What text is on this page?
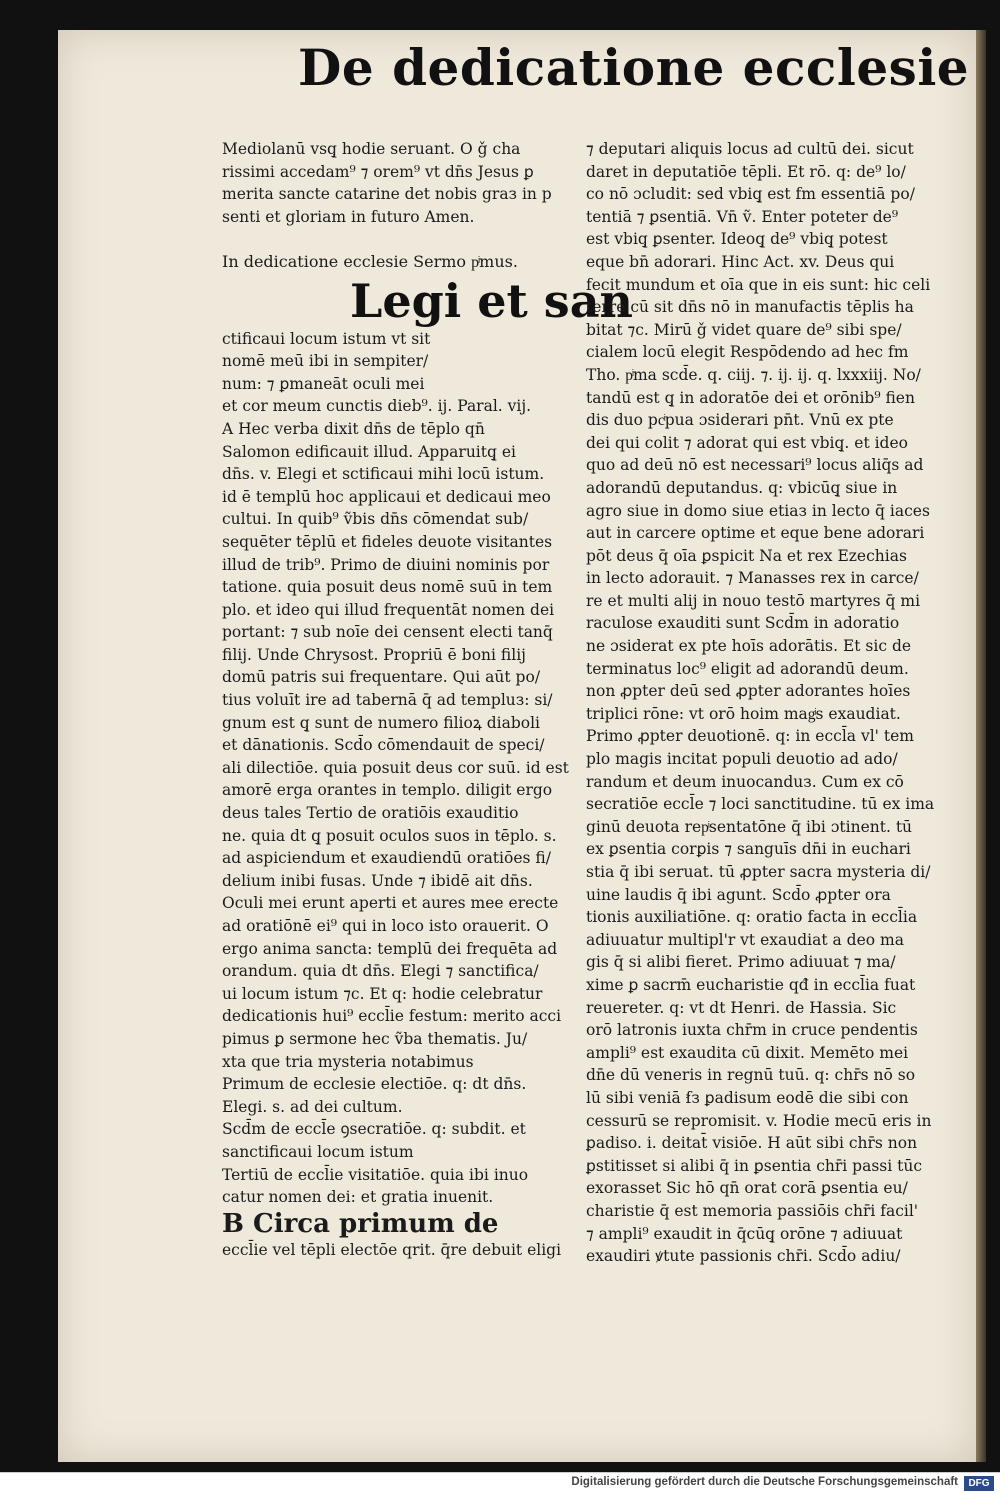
De dedicatione ecclesie

Mediolanū vsq̧ hodie seruant. O ǧ cha

rissimi accedam⁹ ⁊ orem⁹ vt dn̄s Jesus ꝑ

merita sancte catarine det nobis graз in p

senti et gloriam in futuro Amen.

In dedicatione ecclesie Sermo pͥmus.

Legi et san

ctificaui locum istum vt sit

nomē meū ibi in sempiter/

num: ⁊ ꝑmaneāt oculi mei

et cor meum cunctis dieb⁹. ij. Paral. vij.

A Hec verba dixit dn̄s de tēplo qn̄

Salomon edificauit illud. Apparuitq̧ ei

dn̄s. v. Elegi et sctificaui mihi locū istum.

id ē templū hoc applicaui et dedicaui meo

cultui. In quib⁹ ṽbis dn̄s cōmendat sub/

sequēter tēplū et fideles deuote visitantes

illud de trib⁹. Primo de diuini nominis por

tatione. quia posuit deus nomē suū in tem

plo. et ideo qui illud frequentāt nomen dei

portant: ⁊ sub noīe dei censent electi tanq̄

filij. Unde Chrysost. Propriū ē boni filij

domū patris sui frequentare. Qui aūt po/

tius voluīt ire ad tabernā q̄ ad templuз: si/

gnum est q̧ sunt de numero filioꝝ diaboli

et dānationis. Scd̄o cōmendauit de speci/

ali dilectiōe. quia posuit deus cor suū. id est

amorē erga orantes in templo. diligit ergo

deus tales Tertio de oratiōis exauditio

ne. quia dt q̧ posuit oculos suos in tēplo. s.

ad aspiciendum et exaudiendū oratiōes fi/

delium inibi fusas. Unde ⁊ ibidē ait dn̄s.

Oculi mei erunt aperti et aures mee erecte

ad oratiōnē ei⁹ qui in loco isto orauerit. O

ergo anima sancta: templū dei frequēta ad

orandum. quia dt dn̄s. Elegi ⁊ sanctifica/

ui locum istum ⁊c. Et q: hodie celebratur

dedicationis hui⁹ eccl̄ie festum: merito acci

pimus ꝑ sermone hec ṽba thematis. Ju/

xta que tria mysteria notabimus

Primum de ecclesie electiōe. q: dt dn̄s.

Elegi. s. ad dei cultum.

Scd̄m de eccl̄e ꝯsecratiōe. q: subdit. et

sanctificaui locum istum

Tertiū de eccl̄ie visitatiōe. quia ibi inuo

catur nomen dei: et gratia inuenit.

B Circa primum de

eccl̄ie vel tēpli electōe qrit. q̄re debuit eligi

⁊ deputari aliquis locus ad cultū dei. sicut

daret in deputatiōe tēpli. Et rō. q: de⁹ lo/

co nō ɔcludit: sed vbiq̧ est fm essentiā po/

tentiā ⁊ ꝑsentiā. Vn̄ ṽ. Enter poteter de⁹

est vbiq̧ ꝑsenter. Ideoq̧ de⁹ vbiq̧ potest

eque bn̄ adorari. Hinc Act. xv. Deus qui

fecit mundum et oīa que in eis sunt: hic celi

terre cū sit dn̄s nō in manufactis tēplis ha

bitat ⁊c. Mirū ǧ videt quare de⁹ sibi spe/

cialem locū elegit Respōdendo ad hec fm

Tho. pͥma scd̄e. q. ciij. ⁊. ij. ij. q. lxxxiij. No/

tandū est q̧ in adoratōe dei et orōnib⁹ fien

dis duo pcͥpua ɔsiderari pn̄t. Vnū ex pte

dei qui colit ⁊ adorat qui est vbiq̧. et ideo

quo ad deū nō est necessari⁹ locus aliq̄s ad

adorandū deputandus. q: vbicūq̧ siue in

agro siue in domo siue etiaз in lecto q̄ iaces

aut in carcere optime et eque bene adorari

pōt deus q̄ oīa ꝑspicit Na et rex Ezechias

in lecto adorauit. ⁊ Manasses rex in carce/

re et multi alij in nouo testō martyres q̄ mi

raculose exauditi sunt Scd̄m in adoratio

ne ɔsiderat ex pte hoīs adorātis. Et sic de

terminatus loc⁹ eligit ad adorandū deum.

non ꝓpter deū sed ꝓpter adorantes hoīes

triplici rōne: vt orō hoim magͥs exaudiat.

Primo ꝓpter deuotionē. q: in eccl̄a vl' tem

plo magis incitat populi deuotio ad ado/

randum et deum inuocanduз. Cum ex cō

secratiōe eccl̄e ⁊ loci sanctitudine. tū ex ima

ginū deuota repͥsentatōne q̄ ibi ɔtinent. tū

ex ꝑsentia corꝑis ⁊ sanguīs dn̄i in euchari

stia q̄ ibi seruat. tū ꝓpter sacra mysteria di/

uine laudis q̄ ibi agunt. Scd̄o ꝓpter ora

tionis auxiliatiōne. q: oratio facta in eccl̄ia

adiuuatur multipl'r vt exaudiat a deo ma

gis q̄ si alibi fieret. Primo adiuuat ⁊ ma/

xime ꝑ sacrm̄ eucharistie qđ in eccl̄ia fuat

reuereter. q: vt dt Henri. de Hassia. Sic

orō latronis iuxta chr̄m in cruce pendentis

ampli⁹ est exaudita cū dixit. Memēto mei

dn̄e dū veneris in regnū tuū. q: chr̄s nō so

lū sibi veniā ẜз ꝑadisum eodē die sibi con

cessurū se repromisit. v. Hodie mecū eris in

ꝑadiso. i. deitat̄ visiōe. H aūt sibi chr̄s non

ꝑstitisset si alibi q̄ in ꝑsentia chr̄i passi tūc

exorasset Sic hō qn̄ orat corā ꝑsentia eu/

charistie q̄ est memoria passiōis chr̄i facil'

⁊ ampli⁹ exaudit in q̄cūq̧ orōne ⁊ adiuuat

exaudiri ꝟtute passionis chr̄i. Scd̄o adiu/

Digitalisierung gefördert durch die Deutsche Forschungsgemeinschaft	DFG
